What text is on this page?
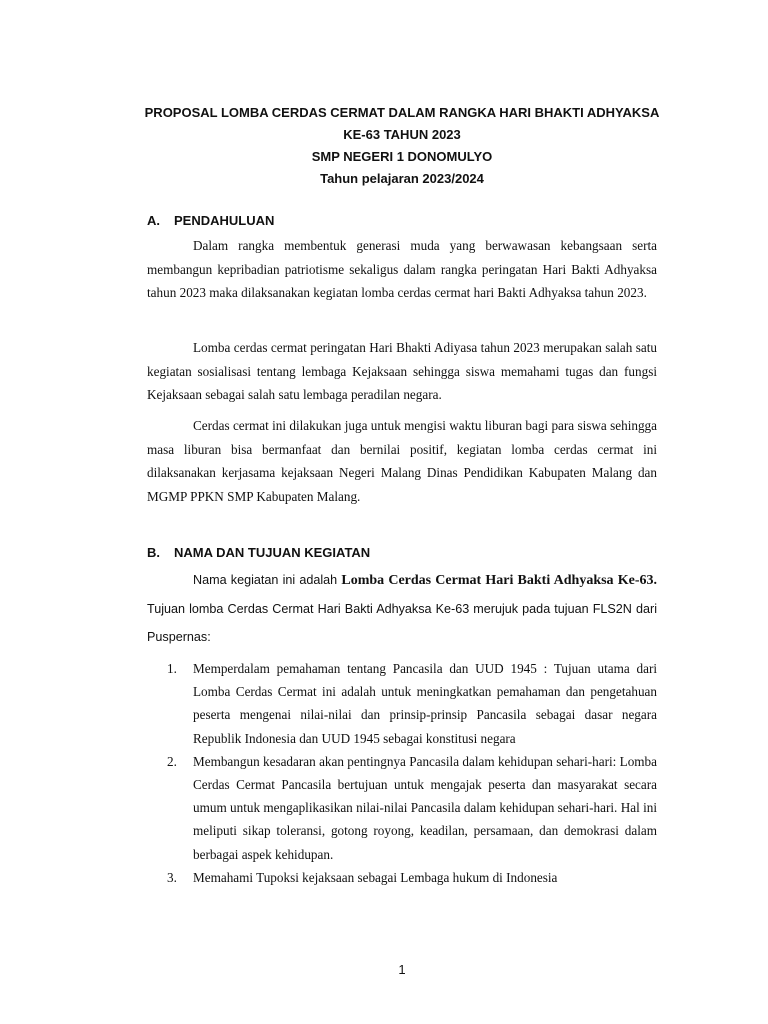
PROPOSAL LOMBA CERDAS CERMAT DALAM RANGKA HARI BHAKTI ADHYAKSA
KE-63 TAHUN 2023
SMP NEGERI 1 DONOMULYO
Tahun pelajaran 2023/2024
A. PENDAHULUAN

Dalam rangka membentuk generasi muda yang berwawasan kebangsaan serta membangun kepribadian patriotisme sekaligus dalam rangka peringatan Hari Bakti Adhyaksa tahun 2023 maka dilaksanakan kegiatan lomba cerdas cermat hari Bakti Adhyaksa tahun 2023.

Lomba cerdas cermat peringatan Hari Bhakti Adiyasa tahun 2023 merupakan salah satu kegiatan sosialisasi tentang lembaga Kejaksaan sehingga siswa memahami tugas dan fungsi Kejaksaan sebagai salah satu lembaga peradilan negara.

Cerdas cermat ini dilakukan juga untuk mengisi waktu liburan bagi para siswa sehingga masa liburan bisa bermanfaat dan bernilai positif, kegiatan lomba cerdas cermat ini dilaksanakan kerjasama kejaksaan Negeri Malang Dinas Pendidikan Kabupaten Malang dan MGMP PPKN SMP Kabupaten Malang.

B. NAMA DAN TUJUAN KEGIATAN

Nama kegiatan ini adalah Lomba Cerdas Cermat Hari Bakti Adhyaksa Ke-63. Tujuan lomba Cerdas Cermat Hari Bakti Adhyaksa Ke-63 merujuk pada tujuan FLS2N dari Puspernas:

1. Memperdalam pemahaman tentang Pancasila dan UUD 1945 : Tujuan utama dari Lomba Cerdas Cermat ini adalah untuk meningkatkan pemahaman dan pengetahuan peserta mengenai nilai-nilai dan prinsip-prinsip Pancasila sebagai dasar negara Republik Indonesia dan UUD 1945 sebagai konstitusi negara
2. Membangun kesadaran akan pentingnya Pancasila dalam kehidupan sehari-hari: Lomba Cerdas Cermat Pancasila bertujuan untuk mengajak peserta dan masyarakat secara umum untuk mengaplikasikan nilai-nilai Pancasila dalam kehidupan sehari-hari. Hal ini meliputi sikap toleransi, gotong royong, keadilan, persamaan, dan demokrasi dalam berbagai aspek kehidupan.
3. Memahami Tupoksi kejaksaan sebagai Lembaga hukum di Indonesia
1
